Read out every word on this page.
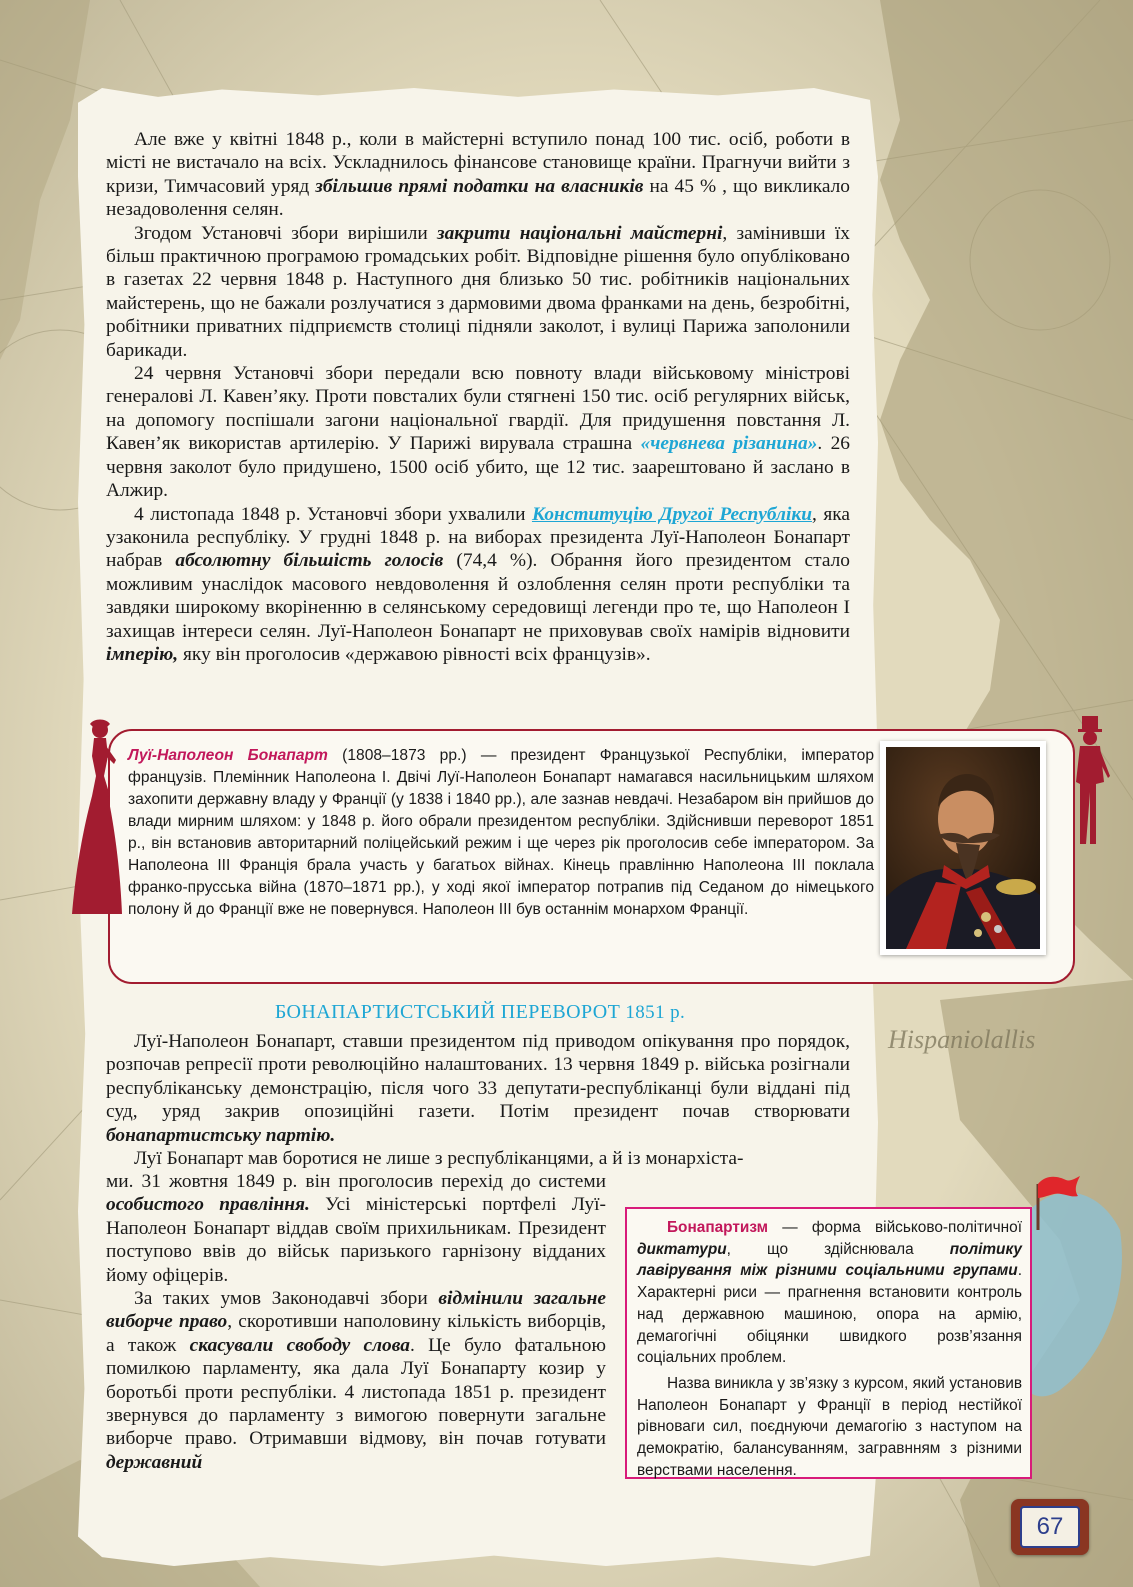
Hispaniolallis

Але вже у квітні 1848 р., коли в майстерні вступило понад 100 тис. осіб, роботи в місті не вистачало на всіх. Ускладнилось фінансове становище країни. Прагнучи вийти з кризи, Тимчасовий уряд збільшив прямі податки на власників на 45 % , що викликало незадоволення селян.

Згодом Установчі збори вирішили закрити національні майстерні, замінивши їх більш практичною програмою громадських робіт. Відповідне рішення було опубліковано в газетах 22 червня 1848 р. Наступного дня близько 50 тис. робітників національних майстерень, що не бажали розлучатися з дармовими двома франками на день, безробітні, робітники приватних підприємств столиці підняли заколот, і вулиці Парижа заполонили барикади.

24 червня Установчі збори передали всю повноту влади військовому міністрові генералові Л. Кавен’яку. Проти повсталих були стягнені 150 тис. осіб регулярних військ, на допомогу поспішали загони національної гвардії. Для придушення повстання Л. Кавен’як використав артилерію. У Парижі вирувала страшна «червнева різанина». 26 червня заколот було придушено, 1500 осіб убито, ще 12 тис. заарештовано й заслано в Алжир.

4 листопада 1848 р. Установчі збори ухвалили Конституцію Другої Республіки, яка узаконила республіку. У грудні 1848 р. на виборах президента Луї-Наполеон Бонапарт набрав абсолютну більшість голосів (74,4 %). Обрання його президентом стало можливим унаслідок масового невдоволення й озлоблення селян проти республіки та завдяки широкому вкоріненню в селянському середовищі легенди про те, що Наполеон І захищав інтереси селян. Луї-Наполеон Бонапарт не приховував своїх намірів відновити імперію, яку він проголосив «державою рівності всіх французів».

Луї-Наполеон Бонапарт (1808–1873 рр.) — президент Французької Республіки, імператор французів. Племінник Наполеона І. Двічі Луї-Наполеон Бонапарт намагався насильницьким шляхом захопити державну владу у Франції (у 1838 і 1840 рр.), але зазнав невдачі. Незабаром він прийшов до влади мирним шляхом: у 1848 р. його обрали президентом республіки. Здійснивши переворот 1851 р., він встановив авторитарний поліцейський режим і ще через рік проголосив себе імператором. За Наполеона ІІІ Франція брала участь у багатьох війнах. Кінець правлінню Наполеона ІІІ поклала франко-прусська війна (1870–1871 рр.), у ході якої імператор потрапив під Седаном до німецького полону й до Франції вже не повернувся. Наполеон ІІІ був останнім монархом Франції.
БОНАПАРТИСТСЬКИЙ ПЕРЕВОРОТ 1851 р.

Луї-Наполеон Бонапарт, ставши президентом під приводом опікування про порядок, розпочав репресії проти революційно налаштованих. 13 червня 1849 р. війська розігнали республіканську демонстрацію, після чого 33 депутати-республіканці були віддані під суд, уряд закрив опозиційні газети. Потім президент почав створювати бонапартистську партію.

Луї Бонапарт мав боротися не лише з республіканцями, а й із монархіста-

ми. 31 жовтня 1849 р. він проголосив перехід до системи особистого правління. Усі міністерські портфелі Луї-Наполеон Бонапарт віддав своїм прихильникам. Президент поступово ввів до військ паризького гарнізону відданих йому офіцерів.

За таких умов Законодавчі збори відмінили загальне виборче право, скоротивши наполовину кількість виборців, а також скасували свободу слова. Це було фатальною помилкою парламенту, яка дала Луї Бонапарту козир у боротьбі проти республіки. 4 листопада 1851 р. президент звернувся до парламенту з вимогою повернути загальне виборче право. Отримавши відмову, він почав готувати державний

Бонапартизм — форма військово-політичної диктатури, що здійснювала політику лавірування між різними соціальними групами. Характерні риси — прагнення встановити контроль над державною машиною, опора на армію, демагогічні обіцянки швидкого розв’язання соціальних проблем.

Назва виникла у зв’язку з курсом, який установив Наполеон Бонапарт у Франції в період нестійкої рівноваги сил, поєднуючи демагогію з наступом на демократію, балансуванням, загравнням з різними верствами населення.

67
